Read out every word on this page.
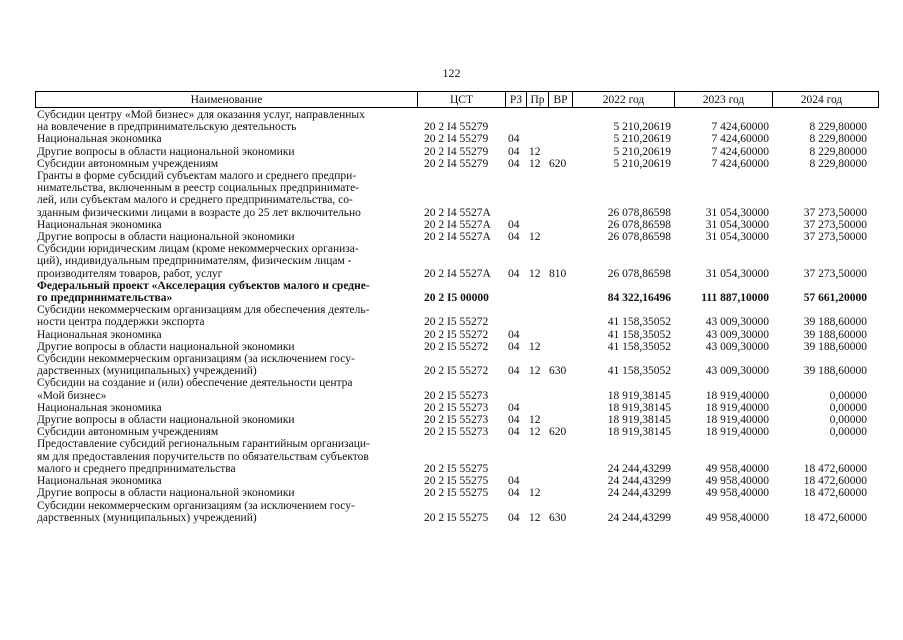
122
Наименование	ЦСТ	РЗ Пр ВР	2022 год	2023 год	2024 год
Субсидии центру «Мой бизнес» для оказания услуг, направленных
на вовлечение в предпринимательскую деятельность	20 2 I4 55279	5 210,20619	7 424,60000	8 229,80000
Национальная экономика	20 2 I4 55279	04	5 210,20619	7 424,60000	8 229,80000
Другие вопросы в области национальной экономики	20 2 I4 55279	04 12	5 210,20619	7 424,60000	8 229,80000
Субсидии автономным учреждениям	20 2 I4 55279	04 12 620	5 210,20619	7 424,60000	8 229,80000
Гранты в форме субсидий субъектам малого и среднего предпри-
нимательства, включенным в реестр социальных предпринимате-
лей, или субъектам малого и среднего предпринимательства, со-
зданным физическими лицами в возрасте до 25 лет включительно	20 2 I4 5527A	26 078,86598	31 054,30000	37 273,50000
Национальная экономика	20 2 I4 5527A	04	26 078,86598	31 054,30000	37 273,50000
Другие вопросы в области национальной экономики	20 2 I4 5527A	04 12	26 078,86598	31 054,30000	37 273,50000
Субсидии юридическим лицам (кроме некоммерческих организа-
ций), индивидуальным предпринимателям, физическим лицам -
производителям товаров, работ, услуг	20 2 I4 5527A	04 12 810	26 078,86598	31 054,30000	37 273,50000
Федеральный проект «Акселерация субъектов малого и средне-
го предпринимательства»	20 2 I5 00000	84 322,16496	111 887,10000	57 661,20000
Субсидии некоммерческим организациям для обеспечения деятель-
ности центра поддержки экспорта	20 2 I5 55272	41 158,35052	43 009,30000	39 188,60000
Национальная экономика	20 2 I5 55272	04	41 158,35052	43 009,30000	39 188,60000
Другие вопросы в области национальной экономики	20 2 I5 55272	04 12	41 158,35052	43 009,30000	39 188,60000
Субсидии некоммерческим организациям (за исключением госу-
дарственных (муниципальных) учреждений)	20 2 I5 55272	04 12 630	41 158,35052	43 009,30000	39 188,60000
Субсидии на создание и (или) обеспечение деятельности центра
«Мой бизнес»	20 2 I5 55273	18 919,38145	18 919,40000	0,00000
Национальная экономика	20 2 I5 55273	04	18 919,38145	18 919,40000	0,00000
Другие вопросы в области национальной экономики	20 2 I5 55273	04 12	18 919,38145	18 919,40000	0,00000
Субсидии автономным учреждениям	20 2 I5 55273	04 12 620	18 919,38145	18 919,40000	0,00000
Предоставление субсидий региональным гарантийным организаци-
ям для предоставления поручительств по обязательствам субъектов
малого и среднего предпринимательства	20 2 I5 55275	24 244,43299	49 958,40000	18 472,60000
Национальная экономика	20 2 I5 55275	04	24 244,43299	49 958,40000	18 472,60000
Другие вопросы в области национальной экономики	20 2 I5 55275	04 12	24 244,43299	49 958,40000	18 472,60000
Субсидии некоммерческим организациям (за исключением госу-
дарственных (муниципальных) учреждений)	20 2 I5 55275	04 12 630	24 244,43299	49 958,40000	18 472,60000
